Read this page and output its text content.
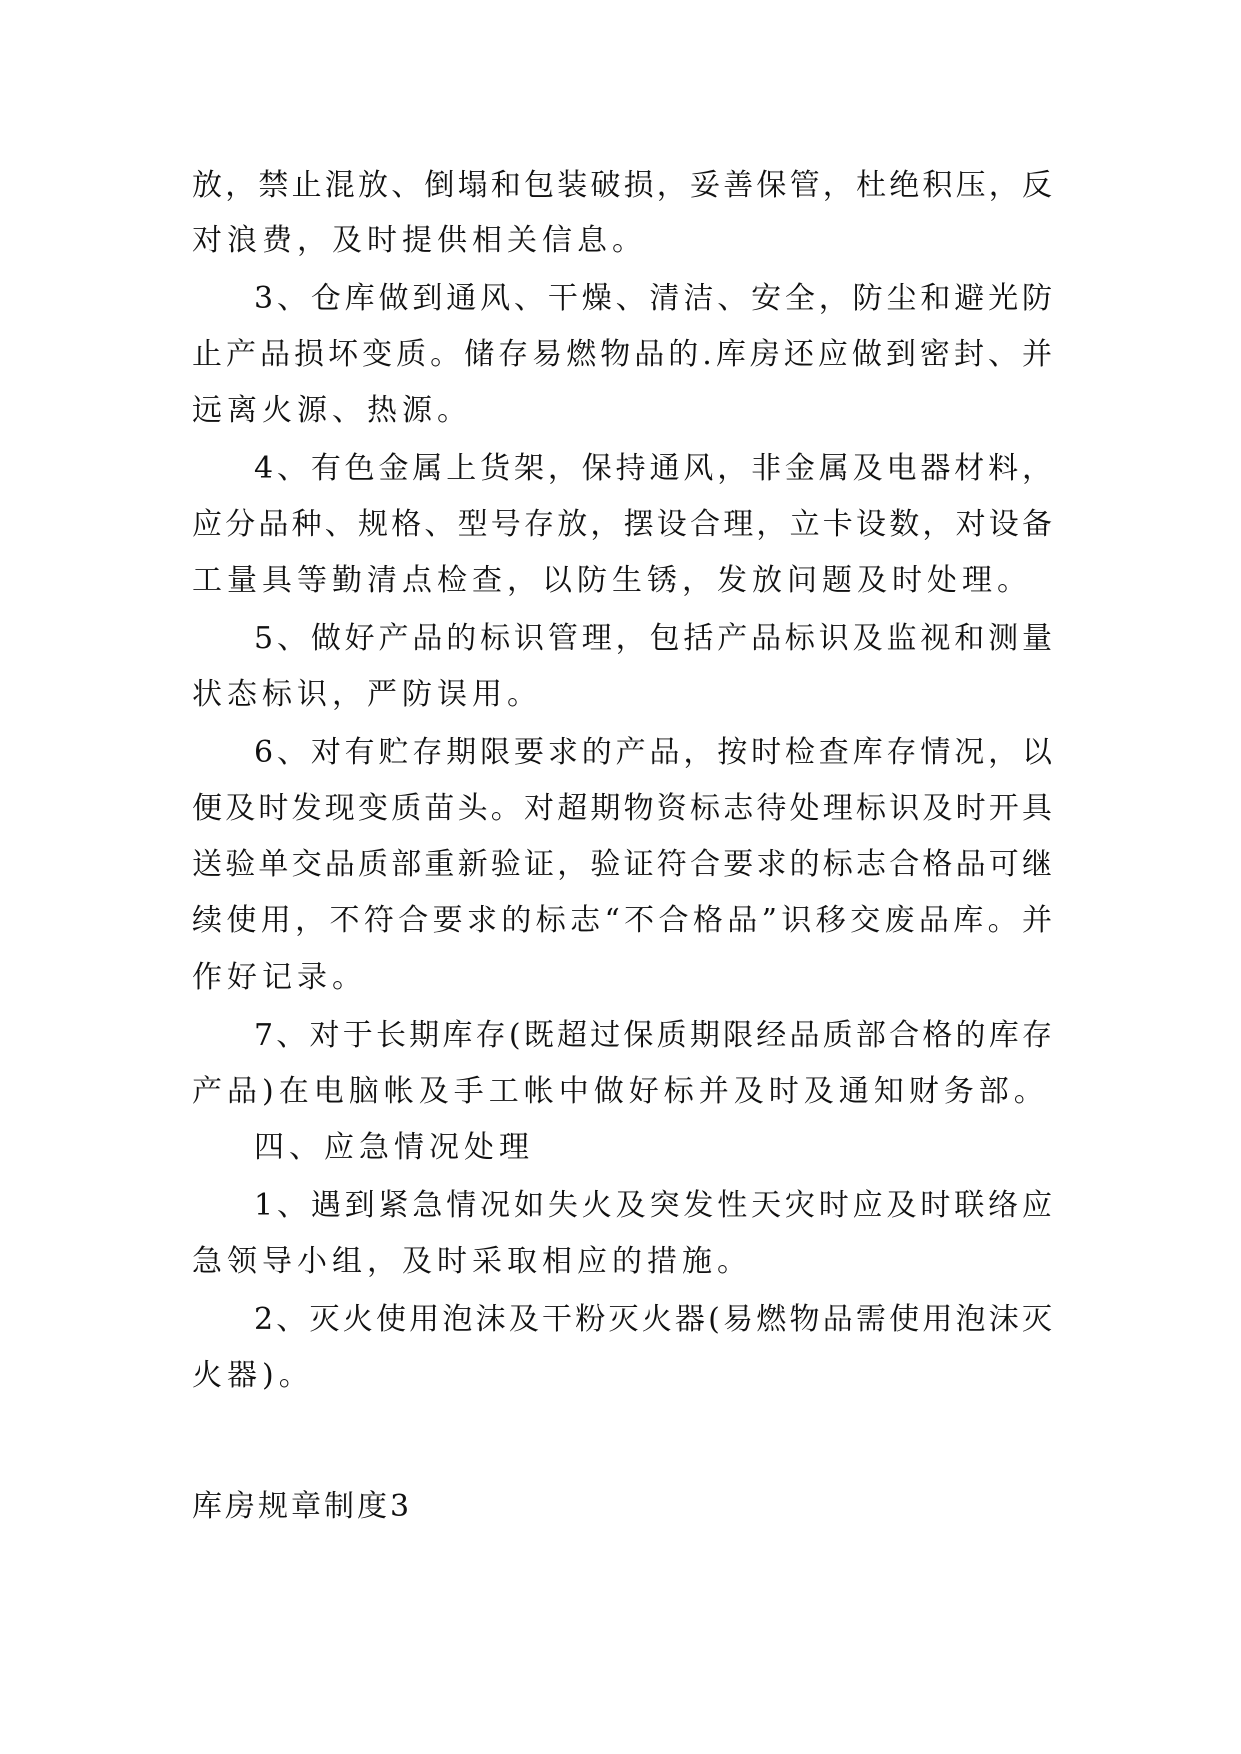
放，禁止混放、倒塌和包装破损，妥善保管，杜绝积压，反
对浪费，及时提供相关信息。
3、仓库做到通风、干燥、清洁、安全，防尘和避光防
止产品损坏变质。储存易燃物品的.库房还应做到密封、并
远离火源、热源。
4、有色金属上货架，保持通风，非金属及电器材料，
应分品种、规格、型号存放，摆设合理，立卡设数，对设备
工量具等勤清点检查，以防生锈，发放问题及时处理。
5、做好产品的标识管理，包括产品标识及监视和测量
状态标识，严防误用。
6、对有贮存期限要求的产品，按时检查库存情况，以
便及时发现变质苗头。对超期物资标志待处理标识及时开具
送验单交品质部重新验证，验证符合要求的标志合格品可继
续使用，不符合要求的标志“不合格品”识移交废品库。并
作好记录。
7、对于长期库存(既超过保质期限经品质部合格的库存
产品)在电脑帐及手工帐中做好标并及时及通知财务部。
四、应急情况处理
1、遇到紧急情况如失火及突发性天灾时应及时联络应
急领导小组，及时采取相应的措施。
2、灭火使用泡沫及干粉灭火器(易燃物品需使用泡沫灭
火器)。
库房规章制度3
